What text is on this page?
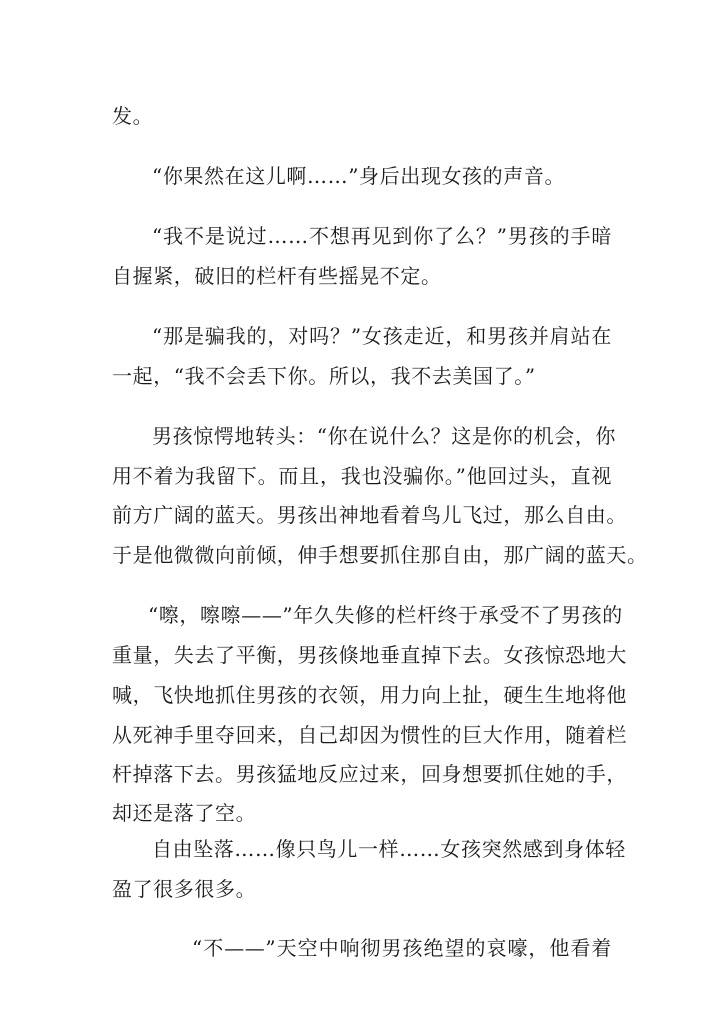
发。
“你果然在这儿啊……”身后出现女孩的声音。
“我不是说过……不想再见到你了么？”男孩的手暗
自握紧，破旧的栏杆有些摇晃不定。
“那是骗我的，对吗？”女孩走近，和男孩并肩站在
一起，“我不会丢下你。所以，我不去美国了。”
男孩惊愕地转头：“你在说什么？这是你的机会，你
用不着为我留下。而且，我也没骗你。”他回过头，直视
前方广阔的蓝天。男孩出神地看着鸟儿飞过，那么自由。
于是他微微向前倾，伸手想要抓住那自由，那广阔的蓝天。
“嚓，嚓嚓——”年久失修的栏杆终于承受不了男孩的
重量，失去了平衡，男孩倏地垂直掉下去。女孩惊恐地大
喊，飞快地抓住男孩的衣领，用力向上扯，硬生生地将他
从死神手里夺回来，自己却因为惯性的巨大作用，随着栏
杆掉落下去。男孩猛地反应过来，回身想要抓住她的手，
却还是落了空。
自由坠落……像只鸟儿一样……女孩突然感到身体轻
盈了很多很多。
“不——”天空中响彻男孩绝望的哀嚎，他看着
